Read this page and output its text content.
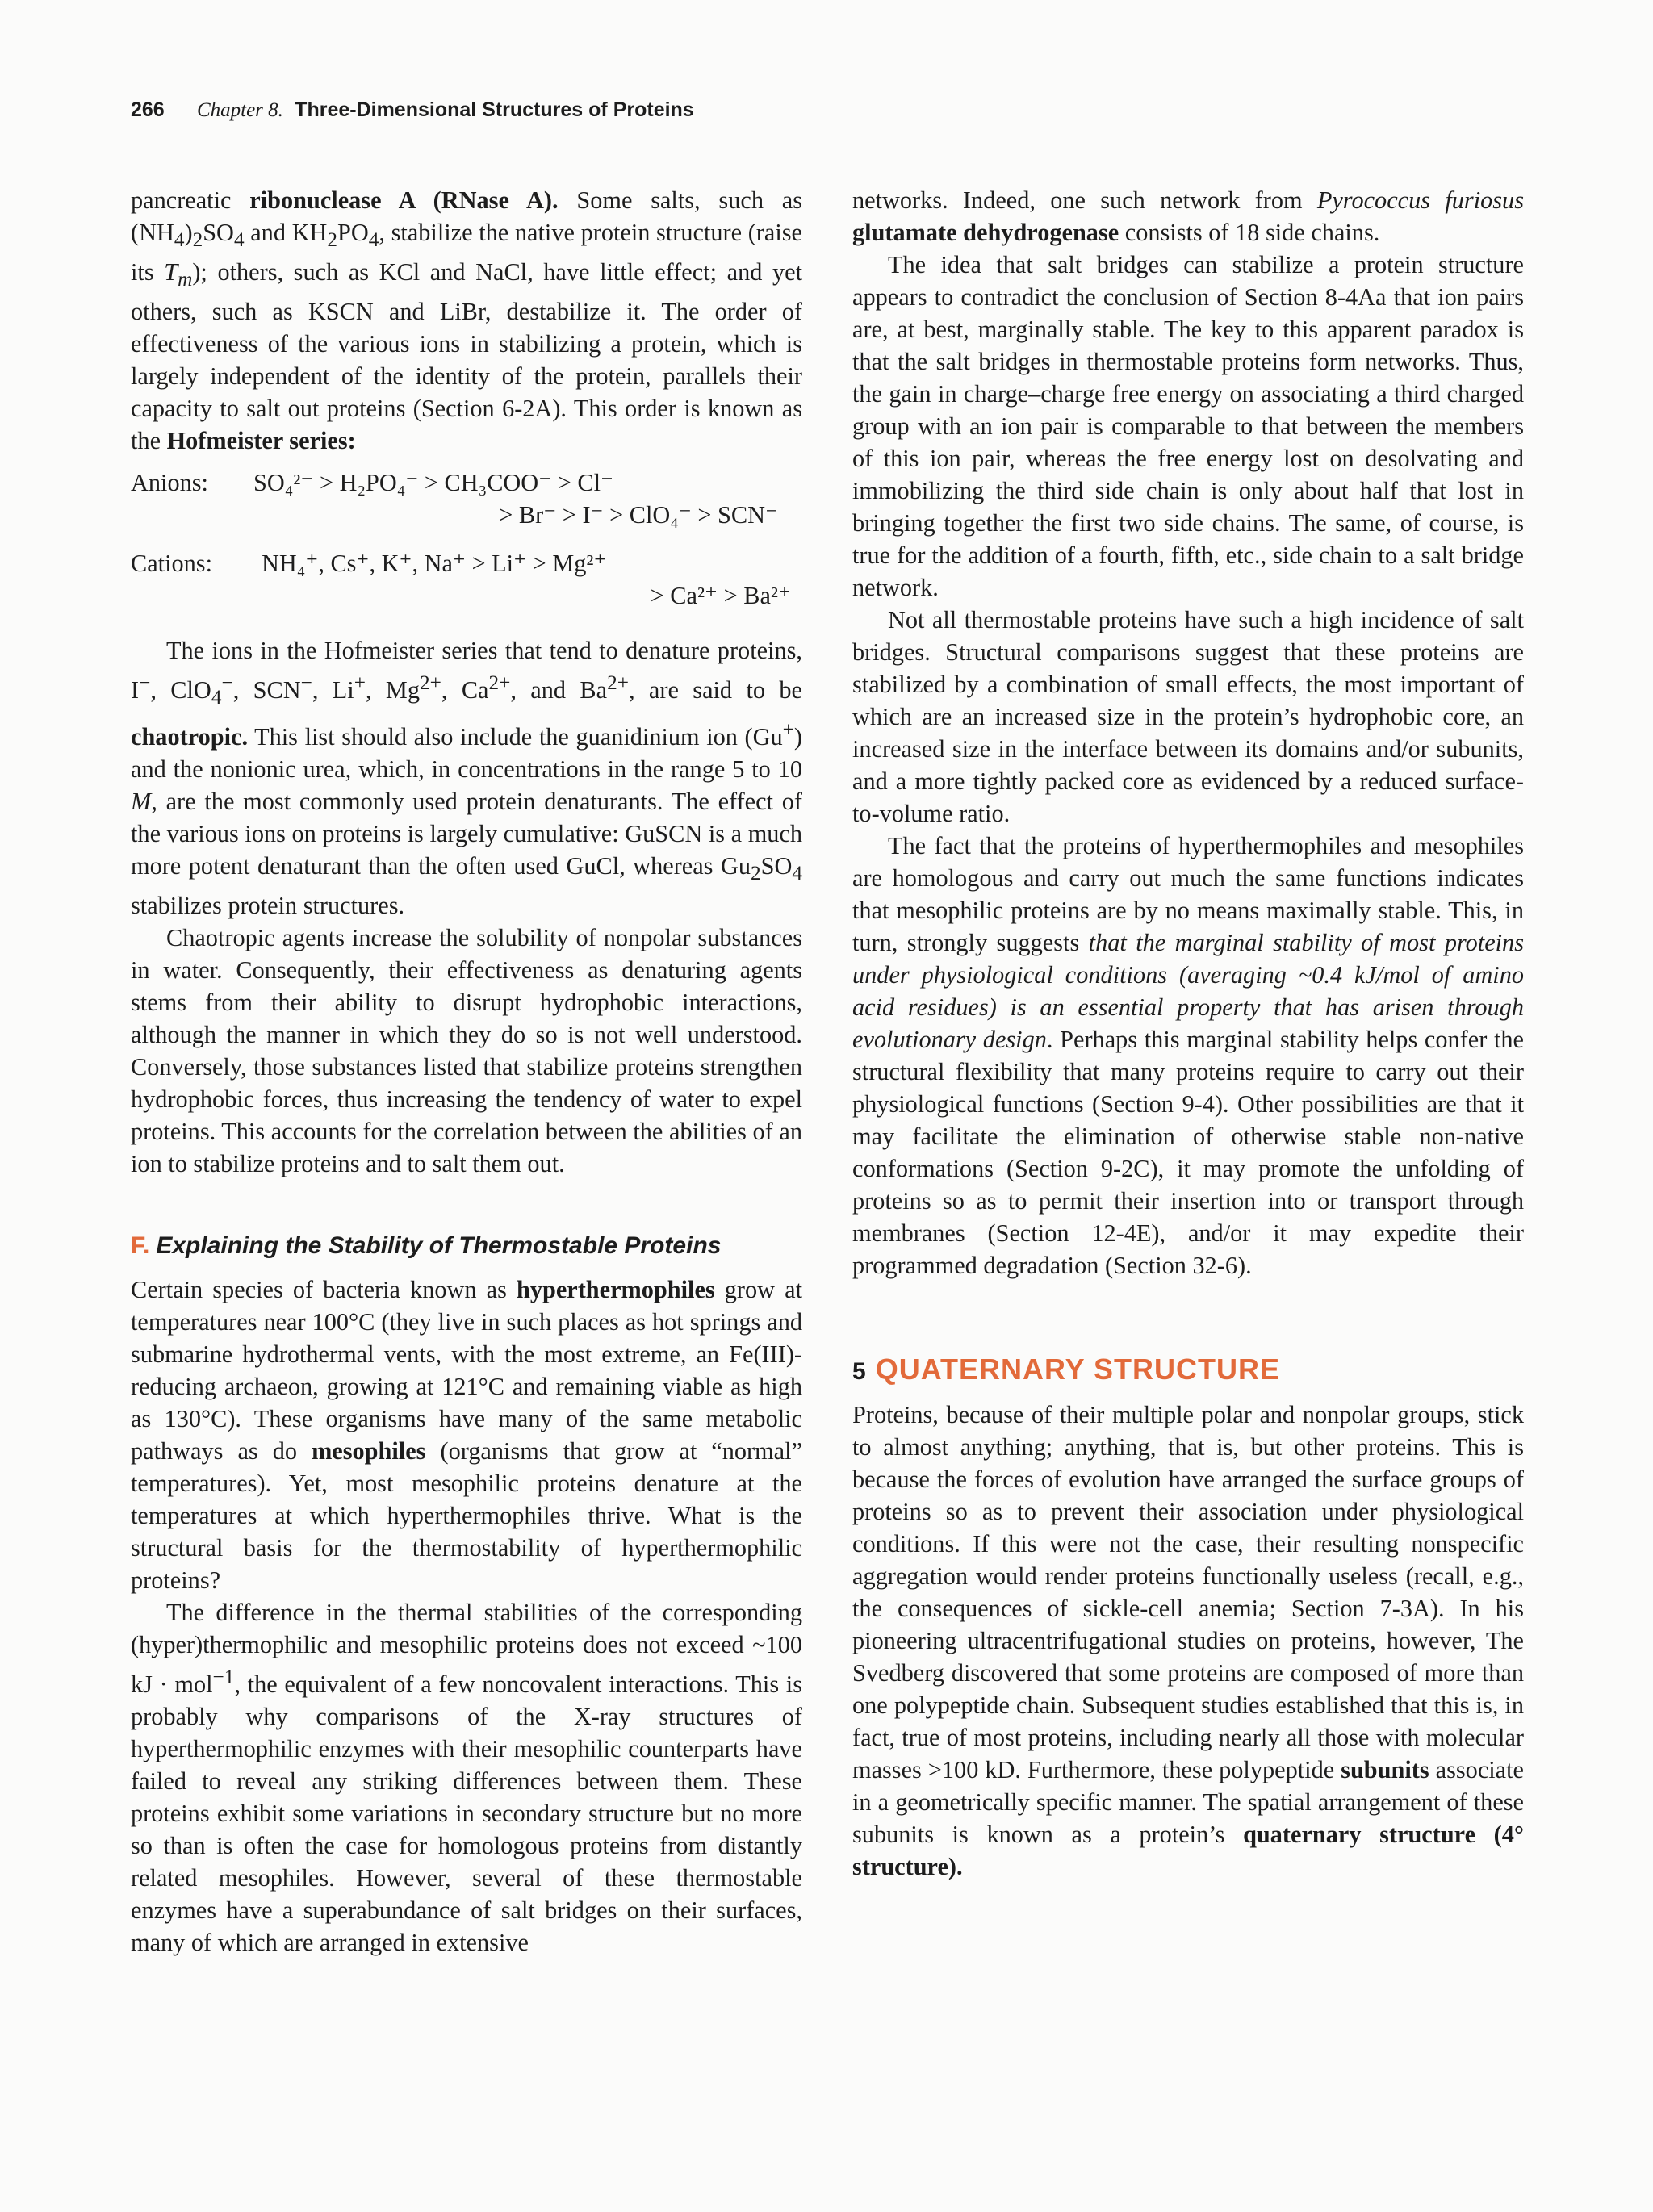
266 Chapter 8. Three-Dimensional Structures of Proteins

pancreatic ribonuclease A (RNase A). Some salts, such as $(NH_4)_2SO_4$ and $KH_2PO_4$, stabilize the native protein structure (raise its $T_m$); others, such as KCl and NaCl, have little effect; and yet others, such as KSCN and LiBr, destabilize it. The order of effectiveness of the various ions in stabilizing a protein, which is largely independent of the identity of the protein, parallels their capacity to salt out proteins (Section 6-2A). This order is known as the Hofmeister series:

Anions: SO₄²⁻ > H₂PO₄⁻ > CH₃COO⁻ > Cl⁻
> Br⁻ > I⁻ > ClO₄⁻ > SCN⁻
Cations: NH₄⁺, Cs⁺, K⁺, Na⁺ > Li⁺ > Mg²⁺
> Ca²⁺ > Ba²⁺

The ions in the Hofmeister series that tend to denature proteins, I−, ClO$_4$−, SCN−, Li+, $Mg^{2+}$, $Ca^{2+}$, and $Ba^{2+}$, are said to be chaotropic. This list should also include the guanidinium ion (Gu+) and the nonionic urea, which, in concentrations in the range 5 to 10 M, are the most commonly used protein denaturants. The effect of the various ions on proteins is largely cumulative: GuSCN is a much more potent denaturant than the often used GuCl, whereas $Gu_2SO_4$ stabilizes protein structures.

Chaotropic agents increase the solubility of nonpolar substances in water. Consequently, their effectiveness as denaturing agents stems from their ability to disrupt hydrophobic interactions, although the manner in which they do so is not well understood. Conversely, those substances listed that stabilize proteins strengthen hydrophobic forces, thus increasing the tendency of water to expel proteins. This accounts for the correlation between the abilities of an ion to stabilize proteins and to salt them out.

F. Explaining the Stability of Thermostable Proteins

Certain species of bacteria known as hyperthermophiles grow at temperatures near 100°C (they live in such places as hot springs and submarine hydrothermal vents, with the most extreme, an Fe(III)-reducing archaeon, growing at 121°C and remaining viable as high as 130°C). These organisms have many of the same metabolic pathways as do mesophiles (organisms that grow at “normal” temperatures). Yet, most mesophilic proteins denature at the temperatures at which hyperthermophiles thrive. What is the structural basis for the thermostability of hyperthermophilic proteins?

The difference in the thermal stabilities of the corresponding (hyper)thermophilic and mesophilic proteins does not exceed ~100 kJ · mol$^{-1}$, the equivalent of a few noncovalent interactions. This is probably why comparisons of the X-ray structures of hyperthermophilic enzymes with their mesophilic counterparts have failed to reveal any striking differences between them. These proteins exhibit some variations in secondary structure but no more so than is often the case for homologous proteins from distantly related mesophiles. However, several of these thermostable enzymes have a superabundance of salt bridges on their surfaces, many of which are arranged in extensive

networks. Indeed, one such network from Pyrococcus furiosus glutamate dehydrogenase consists of 18 side chains.

The idea that salt bridges can stabilize a protein structure appears to contradict the conclusion of Section 8-4Aa that ion pairs are, at best, marginally stable. The key to this apparent paradox is that the salt bridges in thermostable proteins form networks. Thus, the gain in charge–charge free energy on associating a third charged group with an ion pair is comparable to that between the members of this ion pair, whereas the free energy lost on desolvating and immobilizing the third side chain is only about half that lost in bringing together the first two side chains. The same, of course, is true for the addition of a fourth, fifth, etc., side chain to a salt bridge network.

Not all thermostable proteins have such a high incidence of salt bridges. Structural comparisons suggest that these proteins are stabilized by a combination of small effects, the most important of which are an increased size in the protein’s hydrophobic core, an increased size in the interface between its domains and/or subunits, and a more tightly packed core as evidenced by a reduced surface-to-volume ratio.

The fact that the proteins of hyperthermophiles and mesophiles are homologous and carry out much the same functions indicates that mesophilic proteins are by no means maximally stable. This, in turn, strongly suggests that the marginal stability of most proteins under physiological conditions (averaging ~0.4 kJ/mol of amino acid residues) is an essential property that has arisen through evolutionary design. Perhaps this marginal stability helps confer the structural flexibility that many proteins require to carry out their physiological functions (Section 9-4). Other possibilities are that it may facilitate the elimination of otherwise stable non-native conformations (Section 9-2C), it may promote the unfolding of proteins so as to permit their insertion into or transport through membranes (Section 12-4E), and/or it may expedite their programmed degradation (Section 32-6).

5 QUATERNARY STRUCTURE

Proteins, because of their multiple polar and nonpolar groups, stick to almost anything; anything, that is, but other proteins. This is because the forces of evolution have arranged the surface groups of proteins so as to prevent their association under physiological conditions. If this were not the case, their resulting nonspecific aggregation would render proteins functionally useless (recall, e.g., the consequences of sickle-cell anemia; Section 7-3A). In his pioneering ultracentrifugational studies on proteins, however, The Svedberg discovered that some proteins are composed of more than one polypeptide chain. Subsequent studies established that this is, in fact, true of most proteins, including nearly all those with molecular masses >100 kD. Furthermore, these polypeptide subunits associate in a geometrically specific manner. The spatial arrangement of these subunits is known as a protein’s quaternary structure (4° structure).
